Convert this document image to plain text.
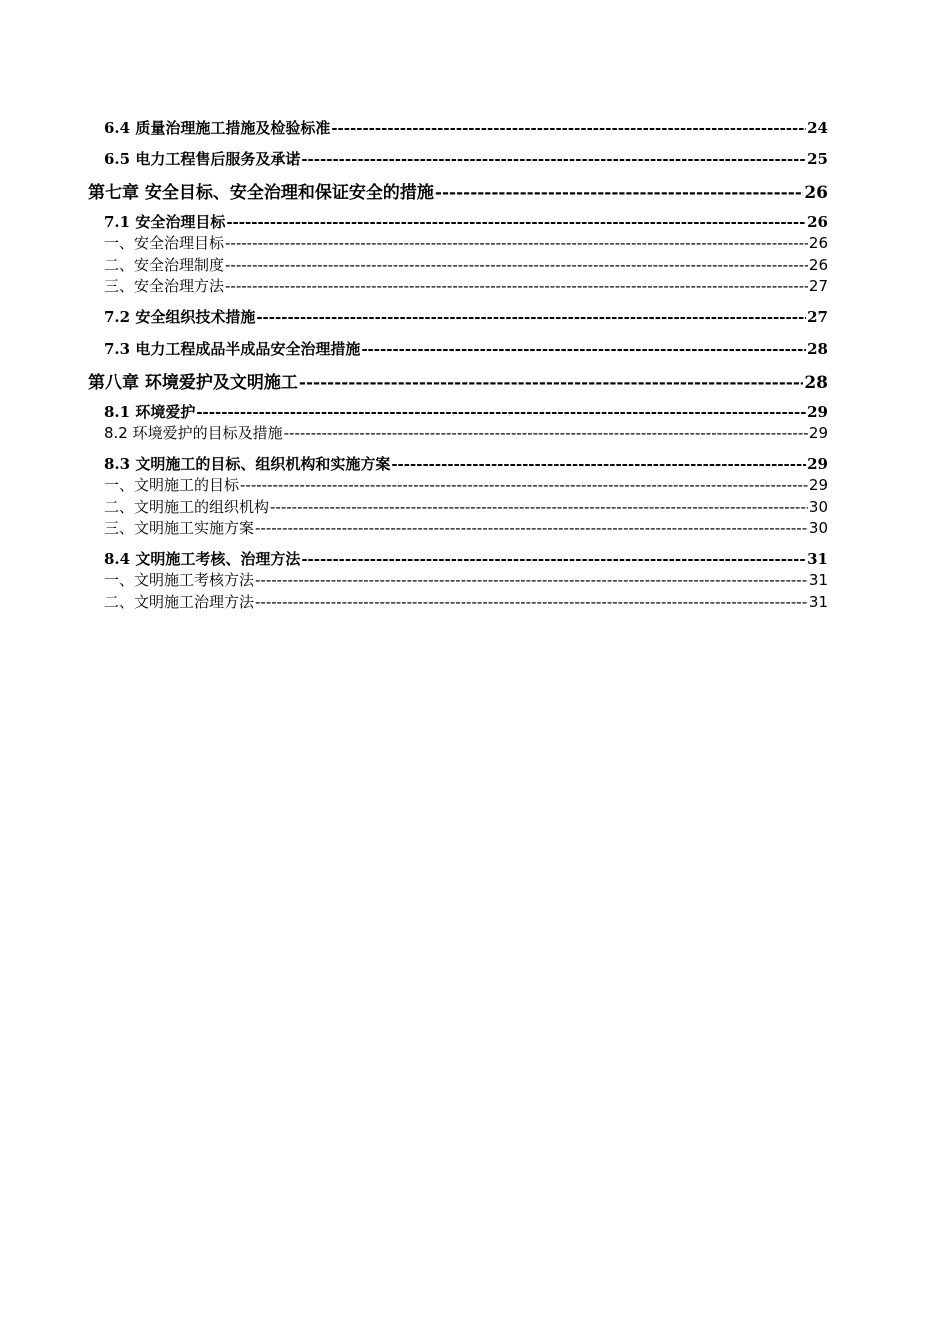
6.4 质量治理施工措施及检验标准 -----	24
6.5 电力工程售后服务及承诺 -----	25
第七章 安全目标、安全治理和保证安全的措施 -----	26
7.1 安全治理目标 -----	26
一、安全治理目标 -----	26
二、安全治理制度 -----	26
三、安全治理方法 -----	27
7.2 安全组织技术措施 -----	27
7.3 电力工程成品半成品安全治理措施 -----	28
第八章 环境爱护及文明施工 -----	28
8.1 环境爱护 -----	29
8.2 环境爱护的目标及措施 -----	29
8.3 文明施工的目标、组织机构和实施方案 -----	29
一、文明施工的目标 -----	29
二、文明施工的组织机构 -----	30
三、文明施工实施方案 -----	30
8.4 文明施工考核、治理方法 -----	31
一、文明施工考核方法 -----	31
二、文明施工治理方法 -----	31
